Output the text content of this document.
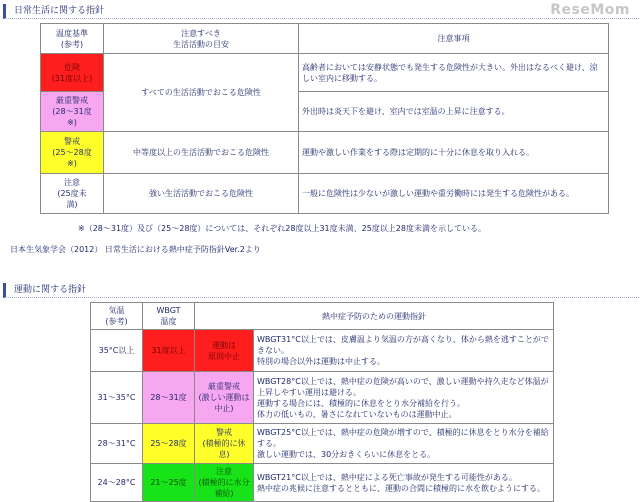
日常生活に関する指針	ReseMom
温度基準
(参考)	注意すべき
生活活動の目安	注意事項
危険
(31度以上)	すべての生活活動でおこる危険性	高齢者においては安静状態でも発生する危険性が大きい。外出はなるべく避け、涼しい室内に移動する。
厳重警戒
(28～31度
※)		外出時は炎天下を避け、室内では室温の上昇に注意する。
警戒
(25～28度
※)	中等度以上の生活活動でおこる危険性	運動や激しい作業をする際は定期的に十分に休息を取り入れる。
注意
(25度未
満)	強い生活活動でおこる危険性	一般に危険性は少ないが激しい運動や重労働時には発生する危険性がある。
※（28～31度）及び（25～28度）については、それぞれ28度以上31度未満、25度以上28度未満を示している。
日本生気象学会（2012） 日常生活における熱中症予防指針Ver.2より
運動に関する指針
気温
(参考)	WBGT
温度	熱中症予防のための運動指針	
35°C以上	31度以上	運動は
原則中止	WBGT31°C以上では、皮膚温より気温の方が高くなり、体から熱を逃すことができない。
特別の場合以外は運動は中止する。
31～35°C	28～31度	厳重警戒
(激しい運動は
中止)	WBGT28°C以上では、熱中症の危険が高いので、激しい運動や持久走など体温が上昇しやすい運用は避ける。
運動する場合には、積極的に休息をとり水分補給を行う。
体力の低いもの、暑さになれていないものは運動中止。
28～31°C	25～28度	警戒
(積極的に休
息)	WBGT25°C以上では、熱中症の危険が増すので、積極的に休息をとり水分を補給する。
激しい運動では、30分おきくらいに休息をとる。
24～28°C	21～25度	注意
(積極的に水分
補給)	WBGT21°C以上では、熱中症による死亡事故が発生する可能性がある。
熱中症の兆候に注意するとともに、運動の合間に積極的に水を飲むようにする。
